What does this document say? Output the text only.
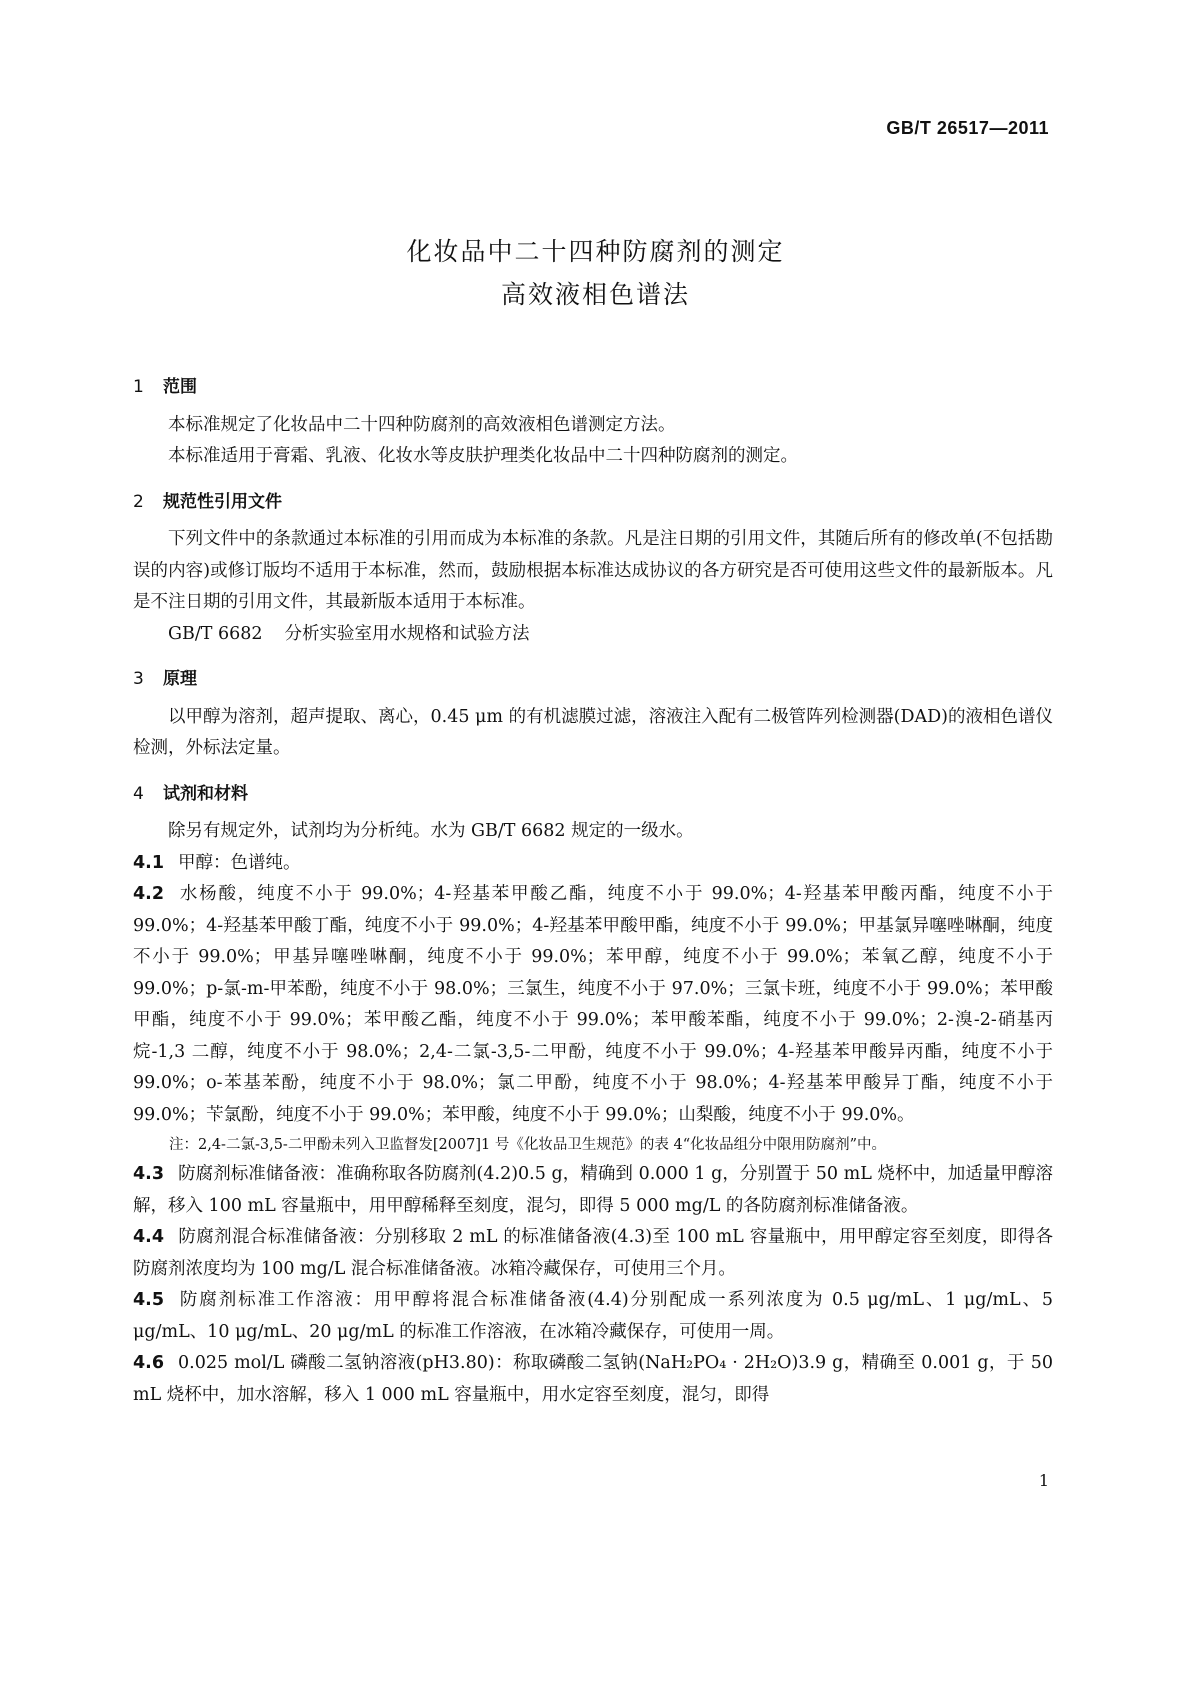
GB/T 26517—2011
化妆品中二十四种防腐剂的测定
高效液相色谱法
1 范围
本标准规定了化妆品中二十四种防腐剂的高效液相色谱测定方法。
本标准适用于膏霜、乳液、化妆水等皮肤护理类化妆品中二十四种防腐剂的测定。
2 规范性引用文件
下列文件中的条款通过本标准的引用而成为本标准的条款。凡是注日期的引用文件，其随后所有的修改单(不包括勘误的内容)或修订版均不适用于本标准，然而，鼓励根据本标准达成协议的各方研究是否可使用这些文件的最新版本。凡是不注日期的引用文件，其最新版本适用于本标准。
GB/T 6682 分析实验室用水规格和试验方法
3 原理
以甲醇为溶剂，超声提取、离心，0.45 μm 的有机滤膜过滤，溶液注入配有二极管阵列检测器(DAD)的液相色谱仪检测，外标法定量。
4 试剂和材料
除另有规定外，试剂均为分析纯。水为 GB/T 6682 规定的一级水。
4.1 甲醇：色谱纯。
4.2 水杨酸，纯度不小于 99.0%；4-羟基苯甲酸乙酯，纯度不小于 99.0%；4-羟基苯甲酸丙酯，纯度不小于 99.0%；4-羟基苯甲酸丁酯，纯度不小于 99.0%；4-羟基苯甲酸甲酯，纯度不小于 99.0%；甲基氯异噻唑啉酮，纯度不小于 99.0%；甲基异噻唑啉酮，纯度不小于 99.0%；苯甲醇，纯度不小于 99.0%；苯氧乙醇，纯度不小于 99.0%；p-氯-m-甲苯酚，纯度不小于 98.0%；三氯生，纯度不小于 97.0%；三氯卡班，纯度不小于 99.0%；苯甲酸甲酯，纯度不小于 99.0%；苯甲酸乙酯，纯度不小于 99.0%；苯甲酸苯酯，纯度不小于 99.0%；2-溴-2-硝基丙烷-1,3 二醇，纯度不小于 98.0%；2,4-二氯-3,5-二甲酚，纯度不小于 99.0%；4-羟基苯甲酸异丙酯，纯度不小于 99.0%；o-苯基苯酚，纯度不小于 98.0%；氯二甲酚，纯度不小于 98.0%；4-羟基苯甲酸异丁酯，纯度不小于 99.0%；苄氯酚，纯度不小于 99.0%；苯甲酸，纯度不小于 99.0%；山梨酸，纯度不小于 99.0%。
注：2,4-二氯-3,5-二甲酚未列入卫监督发[2007]1 号《化妆品卫生规范》的表 4“化妆品组分中限用防腐剂”中。
4.3 防腐剂标准储备液：准确称取各防腐剂(4.2)0.5 g，精确到 0.000 1 g，分别置于 50 mL 烧杯中，加适量甲醇溶解，移入 100 mL 容量瓶中，用甲醇稀释至刻度，混匀，即得 5 000 mg/L 的各防腐剂标准储备液。
4.4 防腐剂混合标准储备液：分别移取 2 mL 的标准储备液(4.3)至 100 mL 容量瓶中，用甲醇定容至刻度，即得各防腐剂浓度均为 100 mg/L 混合标准储备液。冰箱冷藏保存，可使用三个月。
4.5 防腐剂标准工作溶液：用甲醇将混合标准储备液(4.4)分别配成一系列浓度为 0.5 μg/mL、1 μg/mL、5 μg/mL、10 μg/mL、20 μg/mL 的标准工作溶液，在冰箱冷藏保存，可使用一周。
4.6 0.025 mol/L 磷酸二氢钠溶液(pH3.80)：称取磷酸二氢钠(NaH₂PO₄ · 2H₂O)3.9 g，精确至 0.001 g，于 50 mL 烧杯中，加水溶解，移入 1 000 mL 容量瓶中，用水定容至刻度，混匀，即得
1
